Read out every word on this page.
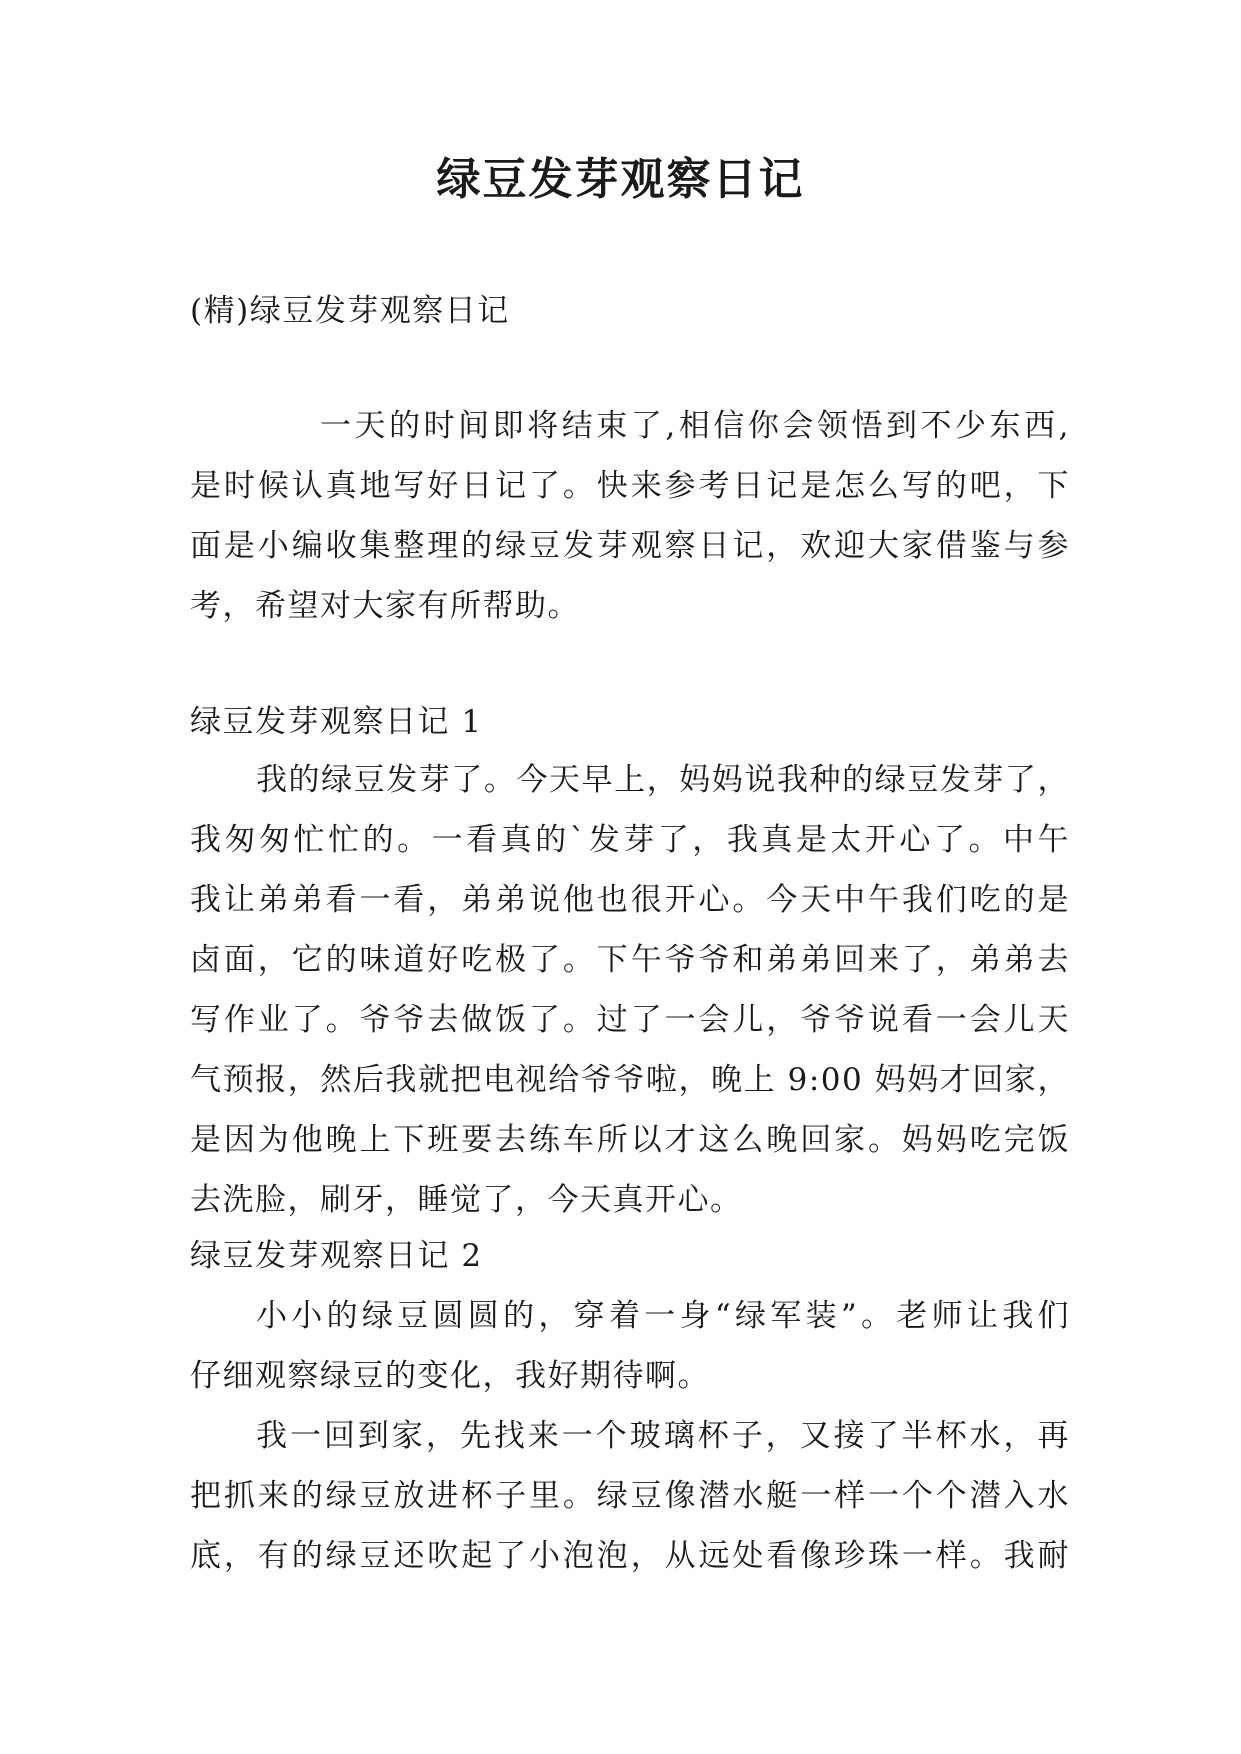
绿豆发芽观察日记

(精)绿豆发芽观察日记

一天的时间即将结束了,相信你会领悟到不少东西,

是时候认真地写好日记了。快来参考日记是怎么写的吧，下

面是小编收集整理的绿豆发芽观察日记，欢迎大家借鉴与参

考，希望对大家有所帮助。

绿豆发芽观察日记 1

我的绿豆发芽了。今天早上，妈妈说我种的绿豆发芽了，

我匆匆忙忙的。一看真的`发芽了，我真是太开心了。中午

我让弟弟看一看，弟弟说他也很开心。今天中午我们吃的是

卤面，它的味道好吃极了。下午爷爷和弟弟回来了，弟弟去

写作业了。爷爷去做饭了。过了一会儿，爷爷说看一会儿天

气预报，然后我就把电视给爷爷啦，晚上 9:00 妈妈才回家，

是因为他晚上下班要去练车所以才这么晚回家。妈妈吃完饭

去洗脸，刷牙，睡觉了，今天真开心。

绿豆发芽观察日记 2

小小的绿豆圆圆的，穿着一身“绿军装”。老师让我们

仔细观察绿豆的变化，我好期待啊。

我一回到家，先找来一个玻璃杯子，又接了半杯水，再

把抓来的绿豆放进杯子里。绿豆像潜水艇一样一个个潜入水

底，有的绿豆还吹起了小泡泡，从远处看像珍珠一样。我耐
